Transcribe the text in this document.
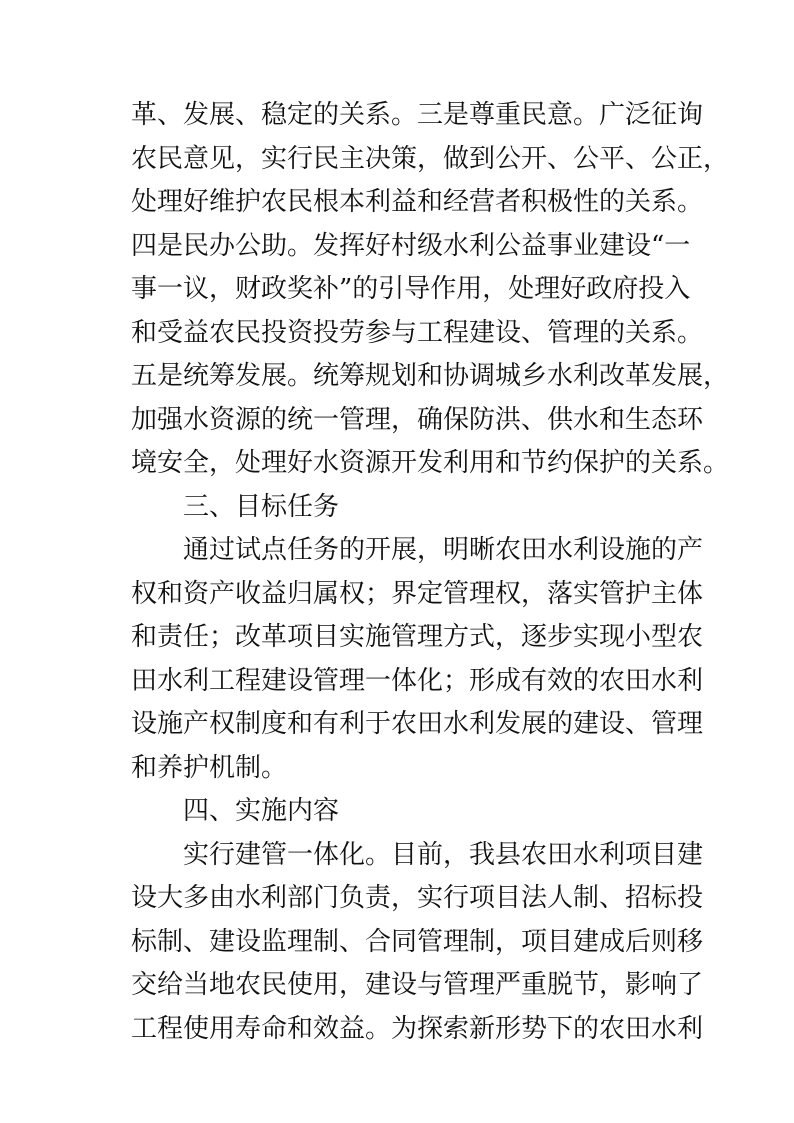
革、发展、稳定的关系。三是尊重民意。广泛征询
农民意见，实行民主决策，做到公开、公平、公正，
处理好维护农民根本利益和经营者积极性的关系。
四是民办公助。发挥好村级水利公益事业建设“一
事一议，财政奖补”的引导作用，处理好政府投入
和受益农民投资投劳参与工程建设、管理的关系。
五是统筹发展。统筹规划和协调城乡水利改革发展，
加强水资源的统一管理，确保防洪、供水和生态环
境安全，处理好水资源开发利用和节约保护的关系。
三、目标任务
通过试点任务的开展，明晰农田水利设施的产
权和资产收益归属权；界定管理权，落实管护主体
和责任；改革项目实施管理方式，逐步实现小型农
田水利工程建设管理一体化；形成有效的农田水利
设施产权制度和有利于农田水利发展的建设、管理
和养护机制。
四、实施内容
实行建管一体化。目前，我县农田水利项目建
设大多由水利部门负责，实行项目法人制、招标投
标制、建设监理制、合同管理制，项目建成后则移
交给当地农民使用，建设与管理严重脱节，影响了
工程使用寿命和效益。为探索新形势下的农田水利
